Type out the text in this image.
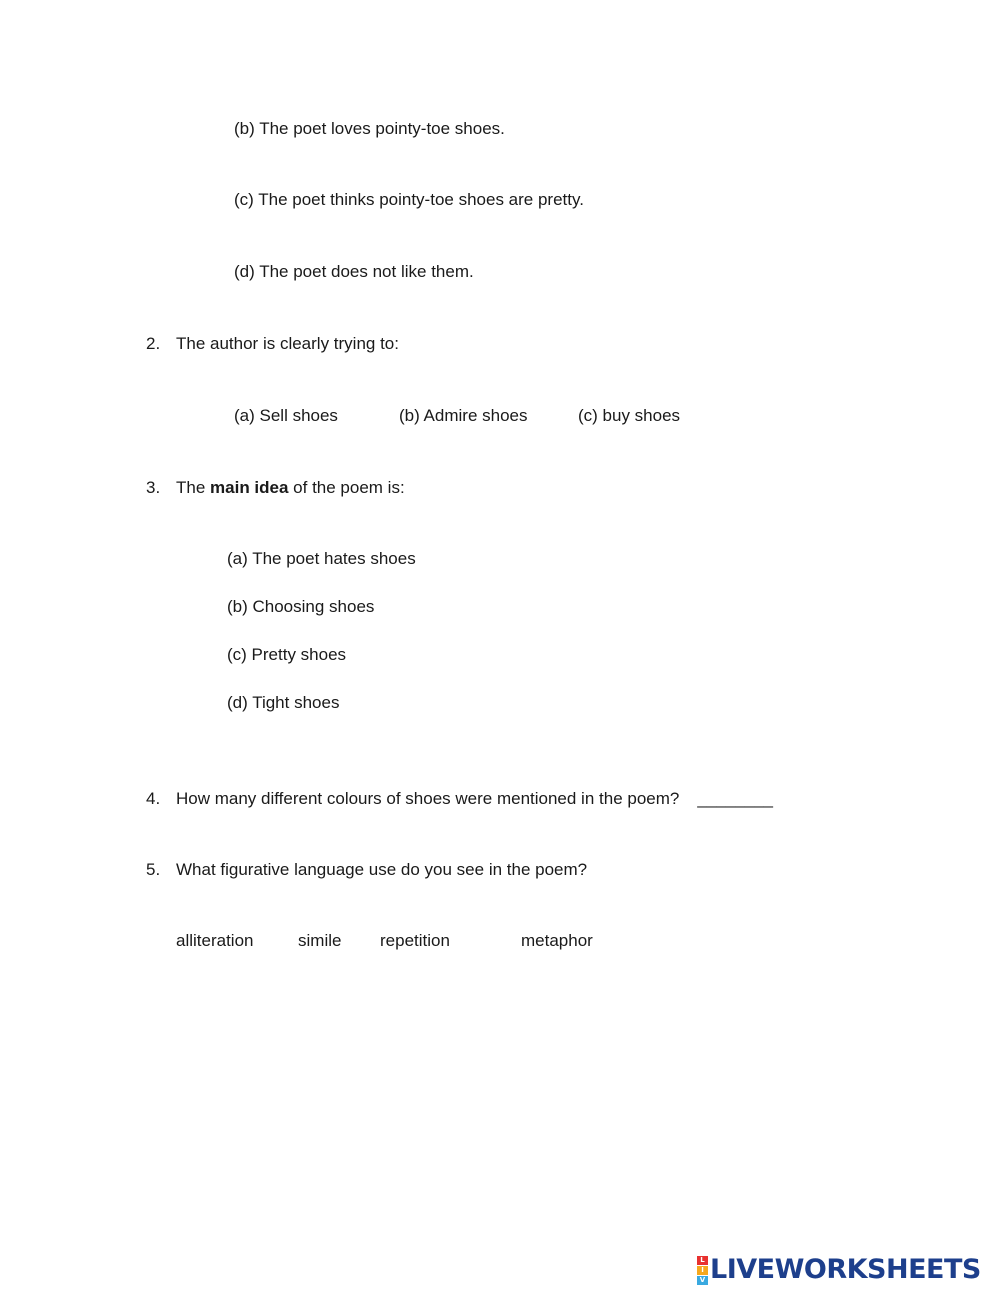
(b) The poet loves pointy-toe shoes.
(c) The poet thinks pointy-toe shoes are pretty.
(d) The poet does not like them.
2. The author is clearly trying to:
(a) Sell shoes	(b) Admire shoes	(c) buy shoes
3. The main idea of the poem is:
(a) The poet hates shoes
(b) Choosing shoes
(c) Pretty shoes
(d) Tight shoes
4. How many different colours of shoes were mentioned in the poem? ________
5. What figurative language use do you see in the poem?
alliteration	simile repetition	metaphor
L
I
V LIVEWORKSHEETS
